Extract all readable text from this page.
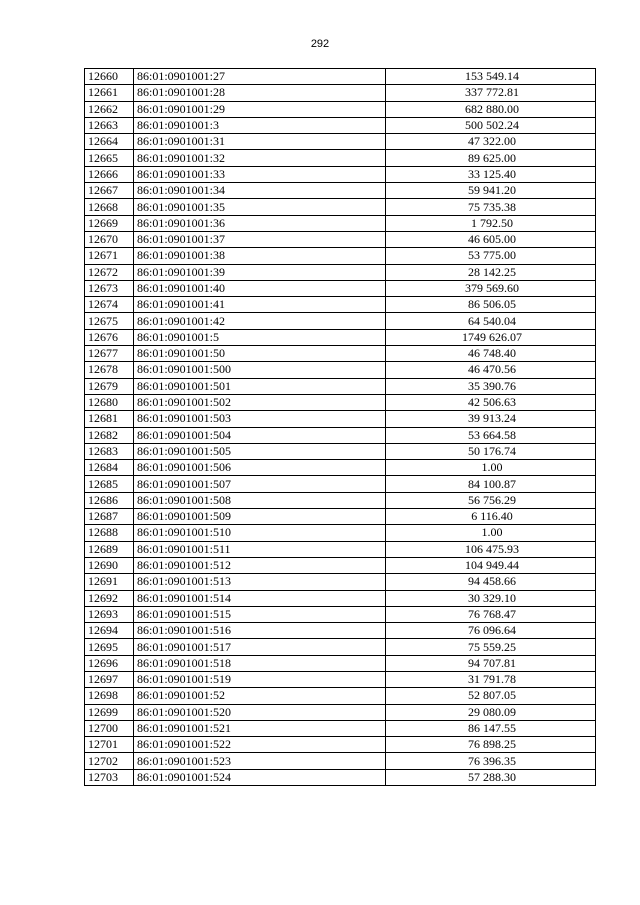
292
12660	86:01:0901001:27	153 549.14
12661	86:01:0901001:28	337 772.81
12662	86:01:0901001:29	682 880.00
12663	86:01:0901001:3	500 502.24
12664	86:01:0901001:31	47 322.00
12665	86:01:0901001:32	89 625.00
12666	86:01:0901001:33	33 125.40
12667	86:01:0901001:34	59 941.20
12668	86:01:0901001:35	75 735.38
12669	86:01:0901001:36	1 792.50
12670	86:01:0901001:37	46 605.00
12671	86:01:0901001:38	53 775.00
12672	86:01:0901001:39	28 142.25
12673	86:01:0901001:40	379 569.60
12674	86:01:0901001:41	86 506.05
12675	86:01:0901001:42	64 540.04
12676	86:01:0901001:5	1749 626.07
12677	86:01:0901001:50	46 748.40
12678	86:01:0901001:500	46 470.56
12679	86:01:0901001:501	35 390.76
12680	86:01:0901001:502	42 506.63
12681	86:01:0901001:503	39 913.24
12682	86:01:0901001:504	53 664.58
12683	86:01:0901001:505	50 176.74
12684	86:01:0901001:506	1.00
12685	86:01:0901001:507	84 100.87
12686	86:01:0901001:508	56 756.29
12687	86:01:0901001:509	6 116.40
12688	86:01:0901001:510	1.00
12689	86:01:0901001:511	106 475.93
12690	86:01:0901001:512	104 949.44
12691	86:01:0901001:513	94 458.66
12692	86:01:0901001:514	30 329.10
12693	86:01:0901001:515	76 768.47
12694	86:01:0901001:516	76 096.64
12695	86:01:0901001:517	75 559.25
12696	86:01:0901001:518	94 707.81
12697	86:01:0901001:519	31 791.78
12698	86:01:0901001:52	52 807.05
12699	86:01:0901001:520	29 080.09
12700	86:01:0901001:521	86 147.55
12701	86:01:0901001:522	76 898.25
12702	86:01:0901001:523	76 396.35
12703	86:01:0901001:524	57 288.30
